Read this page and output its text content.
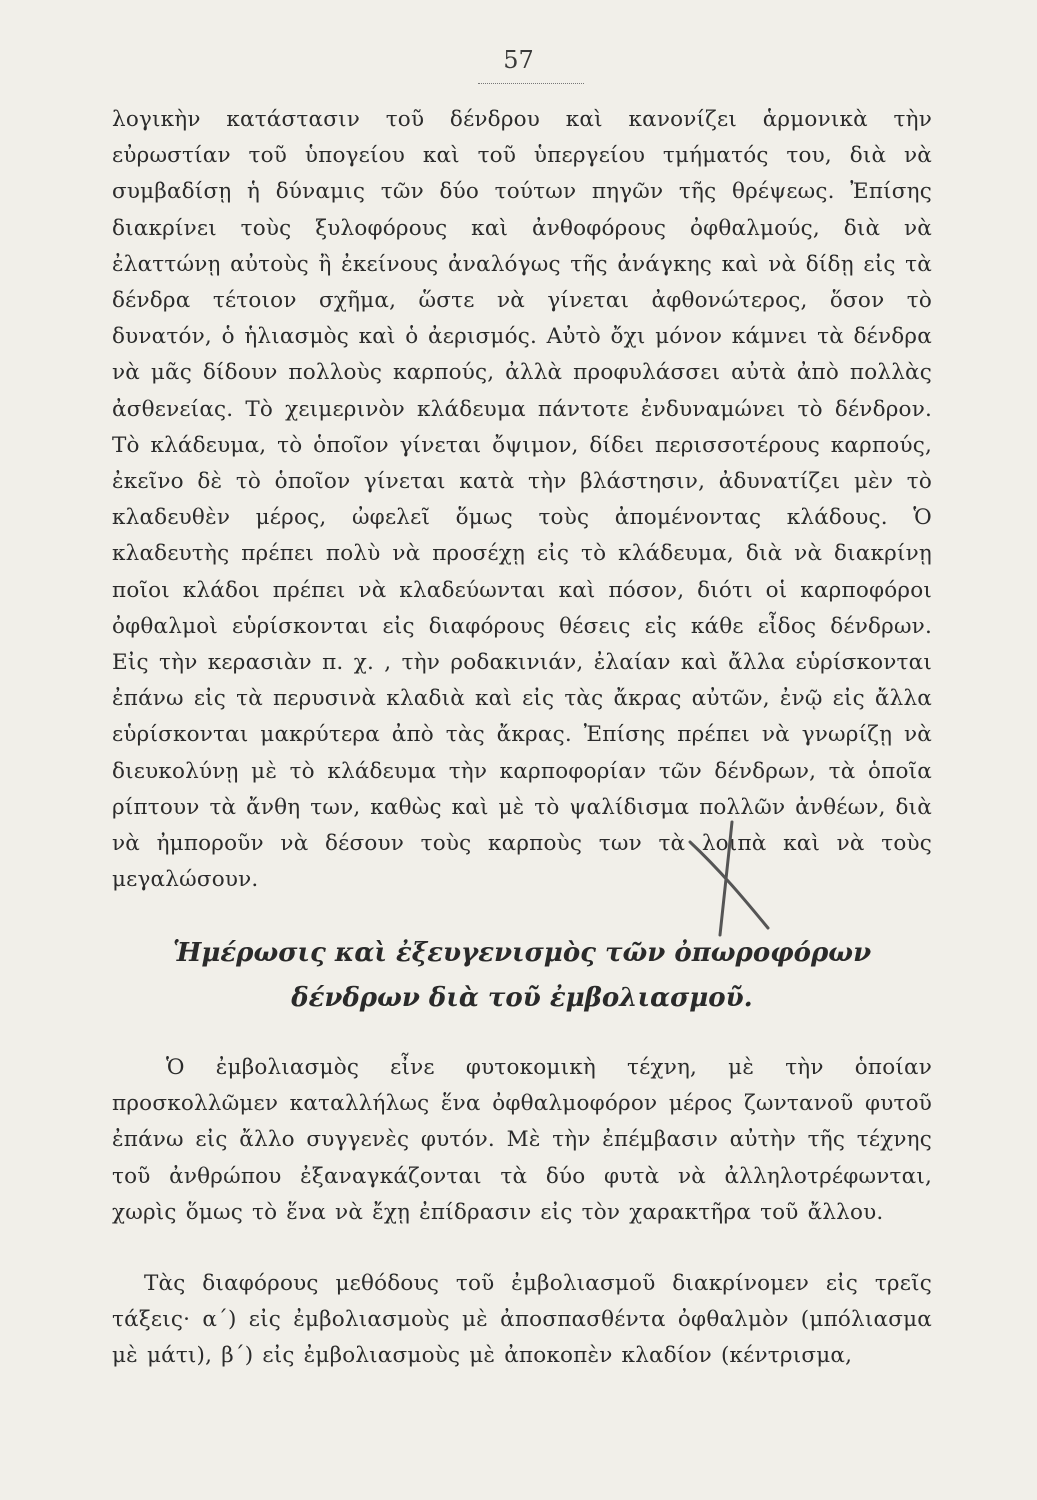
57
λογικὴν κατάστασιν τοῦ δένδρου καὶ κανονίζει ἁρμονικὰ τὴν εὐρωστίαν τοῦ ὑπογείου καὶ τοῦ ὑπεργείου τμήματός του, διὰ νὰ συμβαδίσῃ ἡ δύναμις τῶν δύο τούτων πηγῶν τῆς θρέψεως. Ἐπίσης διακρίνει τοὺς ξυλοφόρους καὶ ἀνθοφόρους ὀφθαλμούς, διὰ νὰ ἐλαττώνῃ αὐτοὺς ἢ ἐκείνους ἀναλόγως τῆς ἀνάγκης καὶ νὰ δίδῃ εἰς τὰ δένδρα τέτοιον σχῆμα, ὥστε νὰ γίνεται ἀφθονώτερος, ὅσον τὸ δυνατόν, ὁ ἡλιασμὸς καὶ ὁ ἀερισμός. Αὐτὸ ὄχι μόνον κάμνει τὰ δένδρα νὰ μᾶς δίδουν πολλοὺς καρπούς, ἀλλὰ προφυλάσσει αὐτὰ ἀπὸ πολλὰς ἀσθενείας. Τὸ χειμερινὸν κλάδευμα πάντοτε ἐνδυναμώνει τὸ δένδρον. Τὸ κλάδευμα, τὸ ὁποῖον γίνεται ὄψιμον, δίδει περισσοτέρους καρπούς, ἐκεῖνο δὲ τὸ ὁποῖον γίνεται κατὰ τὴν βλάστησιν, ἀδυνατίζει μὲν τὸ κλαδευθὲν μέρος, ὠφελεῖ ὅμως τοὺς ἀπομένοντας κλάδους. Ὁ κλαδευτὴς πρέπει πολὺ νὰ προσέχῃ εἰς τὸ κλάδευμα, διὰ νὰ διακρίνῃ ποῖοι κλάδοι πρέπει νὰ κλαδεύωνται καὶ πόσον, διότι οἱ καρποφόροι ὀφθαλμοὶ εὑρίσκονται εἰς διαφόρους θέσεις εἰς κάθε εἶδος δένδρων. Εἰς τὴν κερασιὰν π. χ. , τὴν ροδακινιάν, ἐλαίαν καὶ ἄλλα εὑρίσκονται ἐπάνω εἰς τὰ περυσινὰ κλαδιὰ καὶ εἰς τὰς ἄκρας αὐτῶν, ἐνῷ εἰς ἄλλα εὑρίσκονται μακρύτερα ἀπὸ τὰς ἄκρας. Ἐπίσης πρέπει νὰ γνωρίζῃ νὰ διευκολύνῃ μὲ τὸ κλάδευμα τὴν καρποφορίαν τῶν δένδρων, τὰ ὁποῖα ρίπτουν τὰ ἄνθη των, καθὼς καὶ μὲ τὸ ψαλίδισμα πολλῶν ἀνθέων, διὰ νὰ ἠμποροῦν νὰ δέσουν τοὺς καρποὺς των τὰ λοιπὰ καὶ νὰ τοὺς μεγαλώσουν.
Ἡμέρωσις καὶ ἐξευγενισμὸς τῶν ὀπωροφόρων
δένδρων διὰ τοῦ ἐμβολιασμοῦ.
Ὁ ἐμβολιασμὸς εἶνε φυτοκομικὴ τέχνη, μὲ τὴν ὁποίαν προσκολλῶμεν καταλλήλως ἕνα ὀφθαλμοφόρον μέρος ζωντανοῦ φυτοῦ ἐπάνω εἰς ἄλλο συγγενὲς φυτόν. Μὲ τὴν ἐπέμβασιν αὐτὴν τῆς τέχνης τοῦ ἀνθρώπου ἐξαναγκάζονται τὰ δύο φυτὰ νὰ ἀλληλοτρέφωνται, χωρὶς ὅμως τὸ ἕνα νὰ ἔχῃ ἐπίδρασιν εἰς τὸν χαρακτῆρα τοῦ ἄλλου.
Τὰς διαφόρους μεθόδους τοῦ ἐμβολιασμοῦ διακρίνομεν εἰς τρεῖς τάξεις· α΄) εἰς ἐμβολιασμοὺς μὲ ἀποσπασθέντα ὀφθαλμὸν (μπόλιασμα μὲ μάτι), β΄) εἰς ἐμβολιασμοὺς μὲ ἀποκοπὲν κλαδίον (κέντρισμα,
